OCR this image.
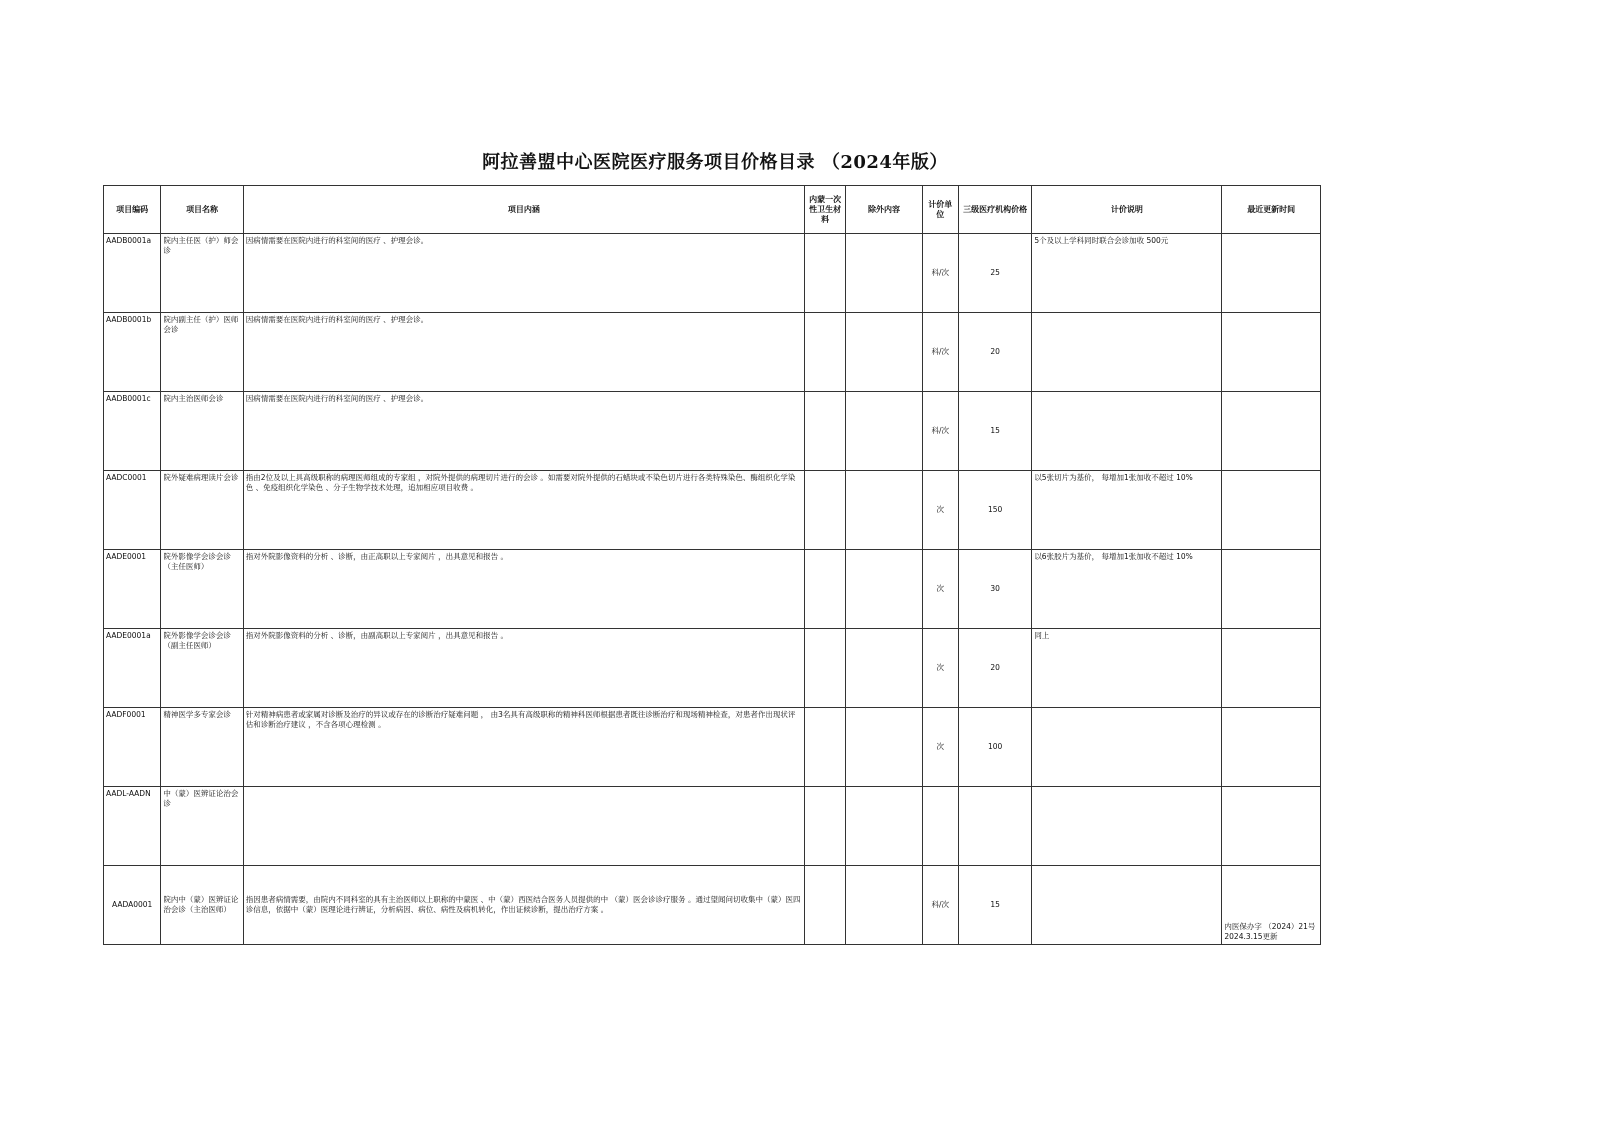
阿拉善盟中心医院医疗服务项目价格目录 （2024年版）
项目编码	项目名称	项目内涵	内蒙一次性卫生材料	除外内容	计价单位	三级医疗机构价格	计价说明	最近更新时间
AADB0001a	院内主任医（护）师会诊	因病情需要在医院内进行的科室间的医疗 、护理会诊。			科/次	25	5个及以上学科同时联合会诊加收 500元	
AADB0001b	院内副主任（护）医师会诊	因病情需要在医院内进行的科室间的医疗 、护理会诊。			科/次	20		
AADB0001c	院内主治医师会诊	因病情需要在医院内进行的科室间的医疗 、护理会诊。			科/次	15		
AADC0001	院外疑难病理读片会诊	指由2位及以上具高级职称的病理医师组成的专家组 ，对院外提供的病理切片进行的会诊 。如需要对院外提供的石蜡块或不染色切片进行各类特殊染色、酶组织化学染色 、免疫组织化学染色 、分子生物学技术处理，追加相应项目收费 。			次	150	以5张切片为基价， 每增加1张加收不超过 10%	
AADE0001	院外影像学会诊会诊（主任医师）	指对外院影像资料的分析 、诊断，由正高职以上专家阅片 ，出具意见和报告 。			次	30	以6张胶片为基价， 每增加1张加收不超过 10%	
AADE0001a	院外影像学会诊会诊（副主任医师）	指对外院影像资料的分析 、诊断，由副高职以上专家阅片 ，出具意见和报告 。			次	20	同上	
AADF0001	精神医学多专家会诊	针对精神病患者或家属对诊断及治疗的异议或存在的诊断治疗疑难问题 ， 由3名具有高级职称的精神科医师根据患者既往诊断治疗和现场精神检查，对患者作出现状评估和诊断治疗建议 ，不含各项心理检测 。			次	100		
AADL-AADN	中（蒙）医辨证论治会诊							
AADA0001	院内中（蒙）医辨证论治会诊（主治医师）	指因患者病情需要，由院内不同科室的具有主治医师以上职称的中蒙医 、中（蒙）西医结合医务人员提供的中 （蒙）医会诊诊疗服务 。通过望闻问切收集中（蒙）医四诊信息，依据中（蒙）医理论进行辨证，分析病因、病位、病性及病机转化，作出证候诊断，提出治疗方案 。			科/次	15		内医保办字 （2024）21号 2024.3.15更新
